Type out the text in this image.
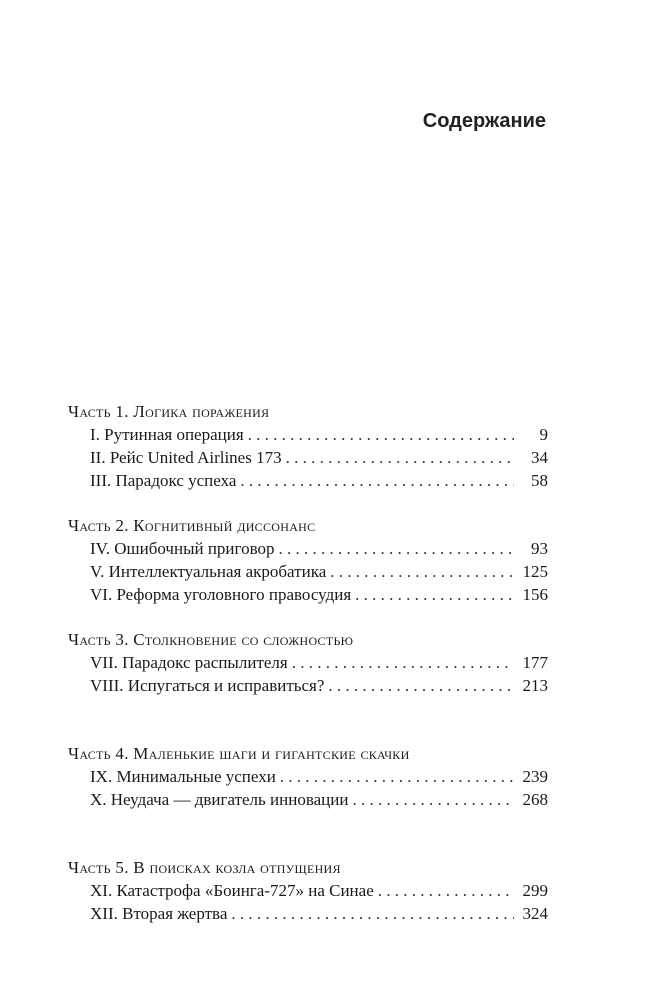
Содержание
Часть 1. Логика поражения
I. Рутинная операция . . .	9
II. Рейс United Airlines 173 . . .	34
III. Парадокс успеха . . .	58
Часть 2. Когнитивный диссонанс
IV. Ошибочный приговор . . .	93
V. Интеллектуальная акробатика . . .	125
VI. Реформа уголовного правосудия . . .	156
Часть 3. Столкновение со сложностью
VII. Парадокс распылителя . . .	177
VIII. Испугаться и исправиться? . . .	213
Часть 4. Маленькие шаги и гигантские скачки
IX. Минимальные успехи . . .	239
X. Неудача — двигатель инновации . . .	268
Часть 5. В поисках козла отпущения
XI. Катастрофа «Боинга-727» на Синае . . .	299
XII. Вторая жертва . . .	324
